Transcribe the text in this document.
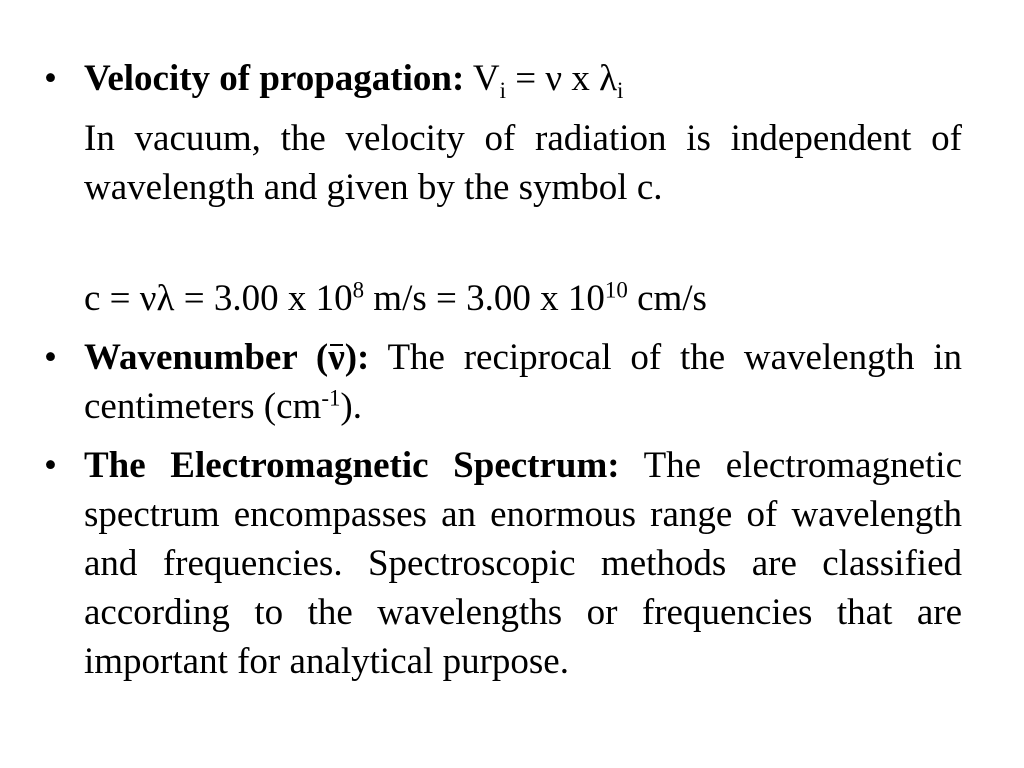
• Velocity of propagation: $V_i = \nu$ x $\lambda_i$

In vacuum, the velocity of radiation is independent of wavelength and given by the symbol c.

c = νλ = 3.00 x $10^8$ m/s = 3.00 x $10^{10}$ cm/s

• Wavenumber (ν): The reciprocal of the wavelength in centimeters $(cm^{-1})$.

• The Electromagnetic Spectrum: The electromagnetic spectrum encompasses an enormous range of wavelength and frequencies. Spectroscopic methods are classified according to the wavelengths or frequencies that are important for analytical purpose.
